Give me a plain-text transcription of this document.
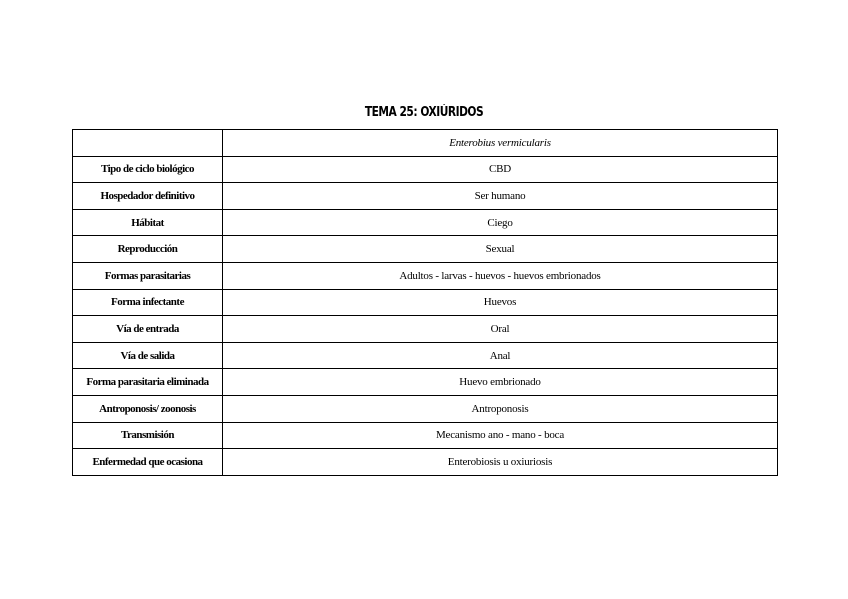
TEMA 25: OXIÚRIDOS
	Enterobius vermicularis
Tipo de ciclo biológico	CBD
Hospedador definitivo	Ser humano
Hábitat	Ciego
Reproducción	Sexual
Formas parasitarias	Adultos - larvas - huevos - huevos embrionados
Forma infectante	Huevos
Vía de entrada	Oral
Vía de salida	Anal
Forma parasitaria eliminada	Huevo embrionado
Antroponosis/ zoonosis	Antroponosis
Transmisión	Mecanismo ano - mano - boca
Enfermedad que ocasiona	Enterobiosis u oxiuriosis
